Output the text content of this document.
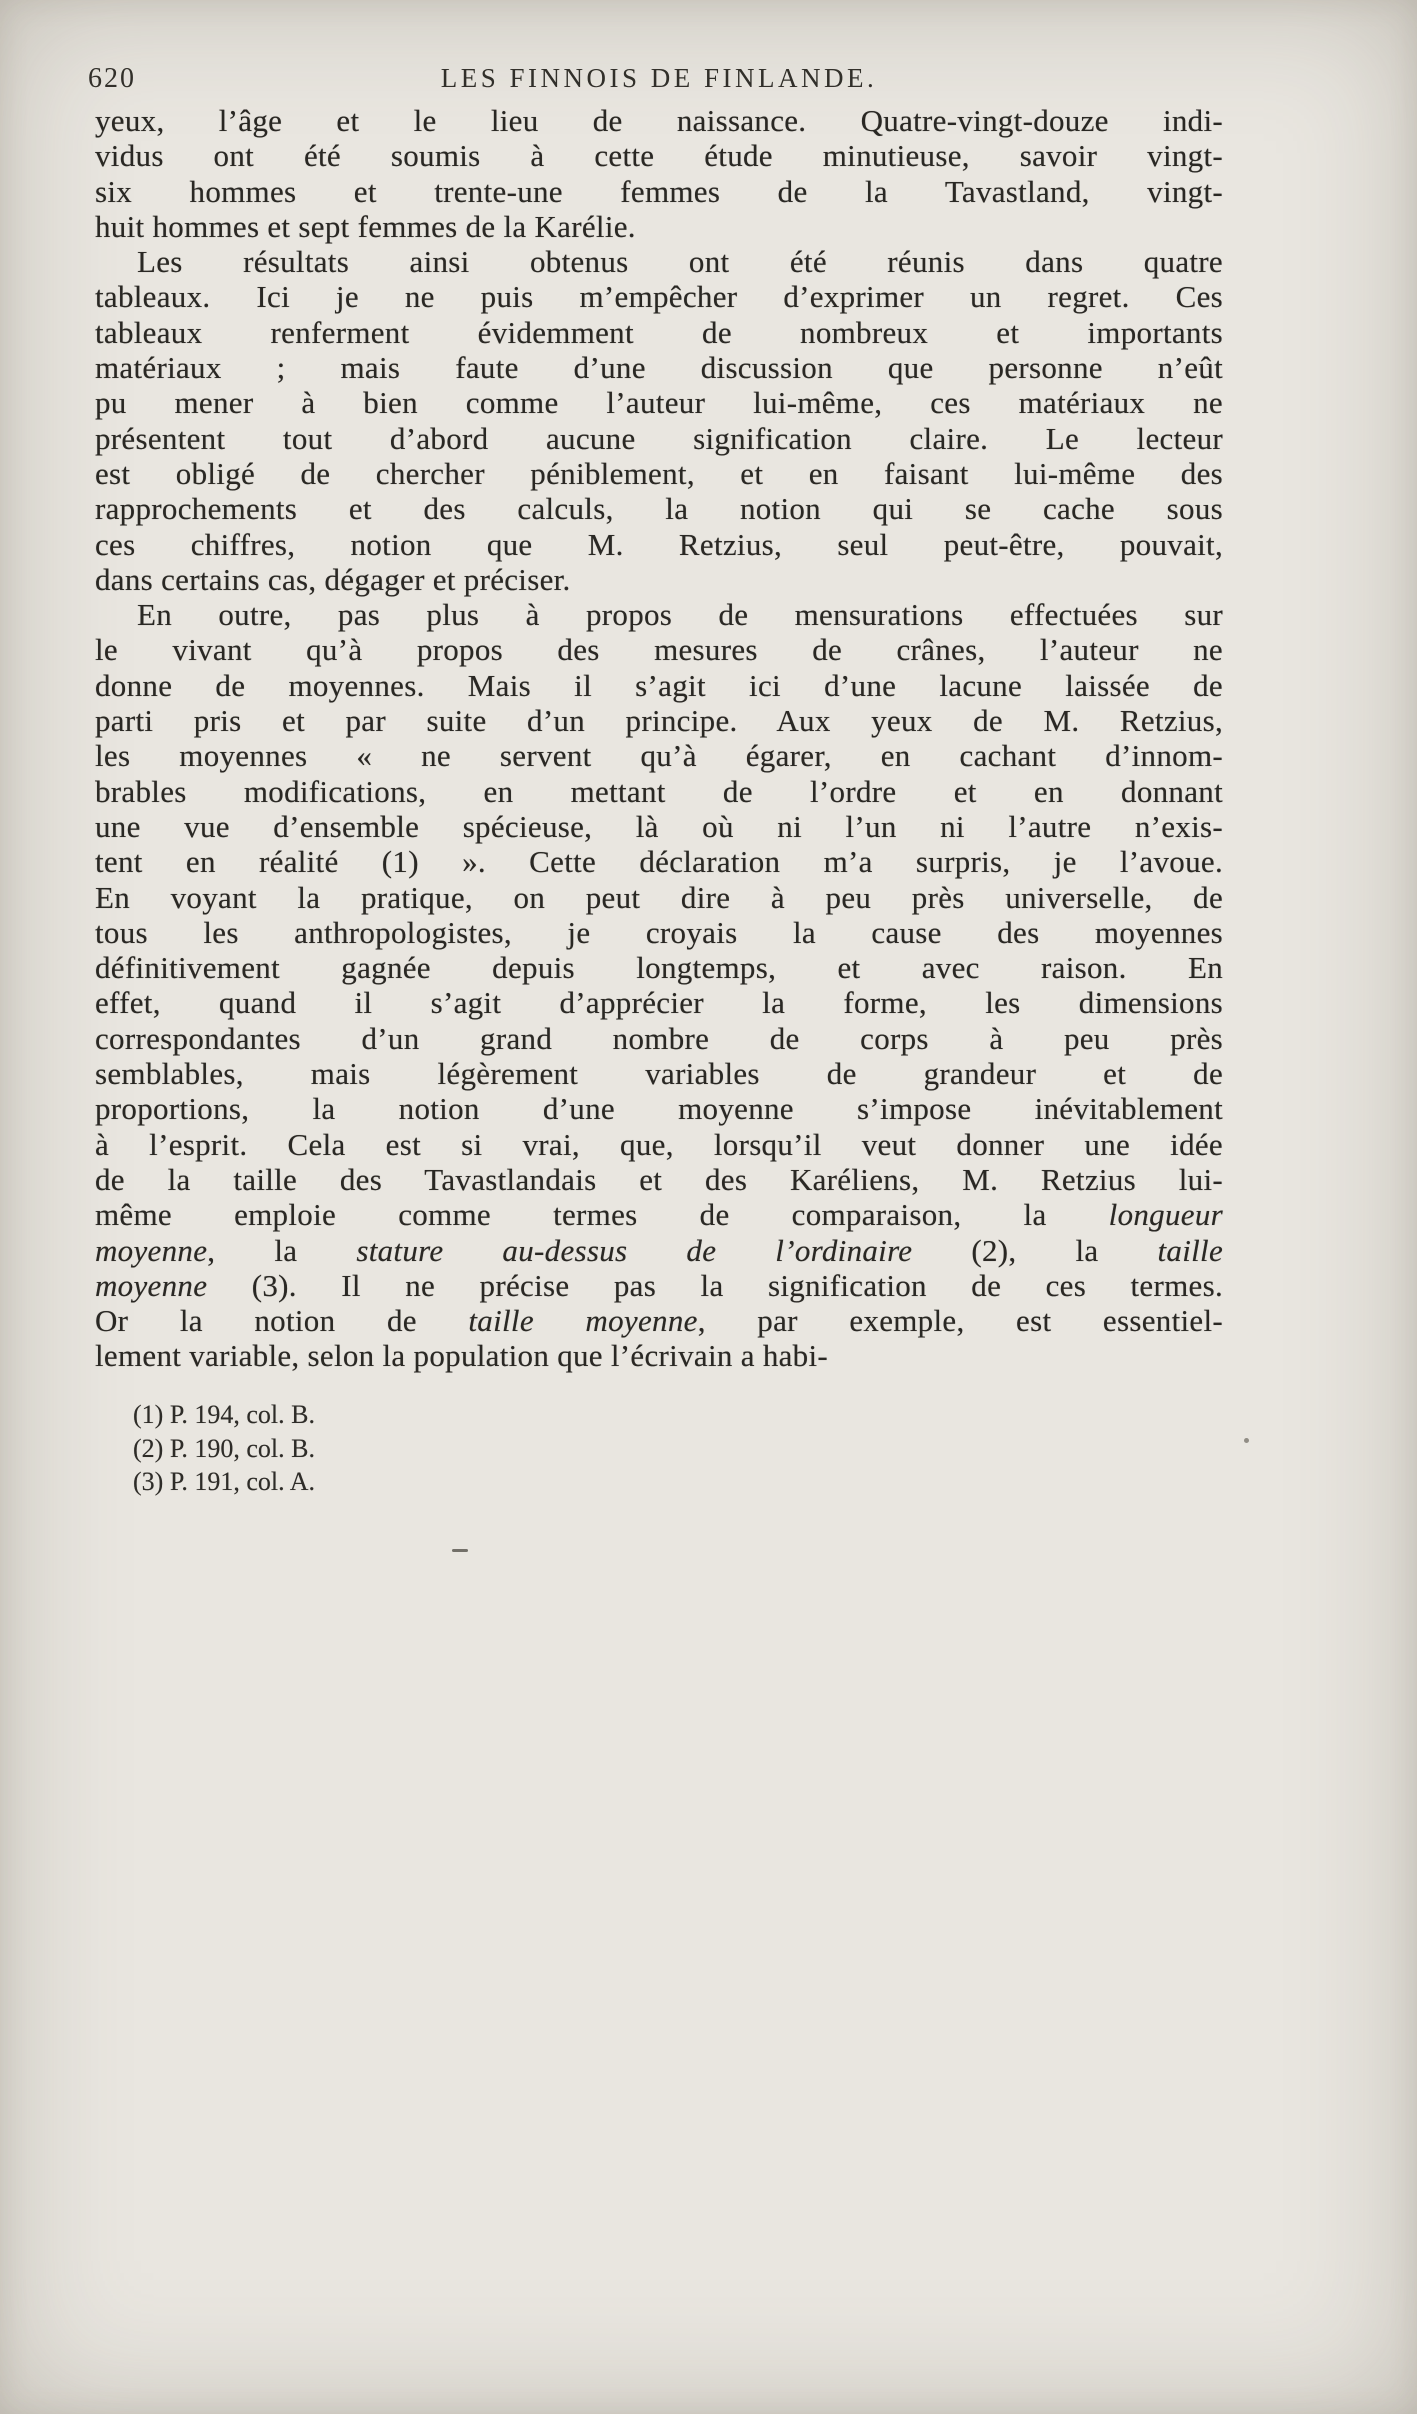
620	LES FINNOIS DE FINLANDE.
yeux, l’âge et le lieu de naissance. Quatre-vingt-douze indi-
vidus ont été soumis à cette étude minutieuse, savoir vingt-
six hommes et trente-une femmes de la Tavastland, vingt-
huit hommes et sept femmes de la Karélie.
Les résultats ainsi obtenus ont été réunis dans quatre
tableaux. Ici je ne puis m’empêcher d’exprimer un regret. Ces
tableaux renferment évidemment de nombreux et importants
matériaux ; mais faute d’une discussion que personne n’eût
pu mener à bien comme l’auteur lui-même, ces matériaux ne
présentent tout d’abord aucune signification claire. Le lecteur
est obligé de chercher péniblement, et en faisant lui-même des
rapprochements et des calculs, la notion qui se cache sous
ces chiffres, notion que M. Retzius, seul peut-être, pouvait,
dans certains cas, dégager et préciser.
En outre, pas plus à propos de mensurations effectuées sur
le vivant qu’à propos des mesures de crânes, l’auteur ne
donne de moyennes. Mais il s’agit ici d’une lacune laissée de
parti pris et par suite d’un principe. Aux yeux de M. Retzius,
les moyennes « ne servent qu’à égarer, en cachant d’innom-
brables modifications, en mettant de l’ordre et en donnant
une vue d’ensemble spécieuse, là où ni l’un ni l’autre n’exis-
tent en réalité (1) ». Cette déclaration m’a surpris, je l’avoue.
En voyant la pratique, on peut dire à peu près universelle, de
tous les anthropologistes, je croyais la cause des moyennes
définitivement gagnée depuis longtemps, et avec raison. En
effet, quand il s’agit d’apprécier la forme, les dimensions
correspondantes d’un grand nombre de corps à peu près
semblables, mais légèrement variables de grandeur et de
proportions, la notion d’une moyenne s’impose inévitablement
à l’esprit. Cela est si vrai, que, lorsqu’il veut donner une idée
de la taille des Tavastlandais et des Karéliens, M. Retzius lui-
même emploie comme termes de comparaison, la longueur
moyenne, la stature au-dessus de l’ordinaire (2), la taille
moyenne (3). Il ne précise pas la signification de ces termes.
Or la notion de taille moyenne, par exemple, est essentiel-
lement variable, selon la population que l’écrivain a habi-
(1) P. 194, col. B.
(2) P. 190, col. B.
(3) P. 191, col. A.
